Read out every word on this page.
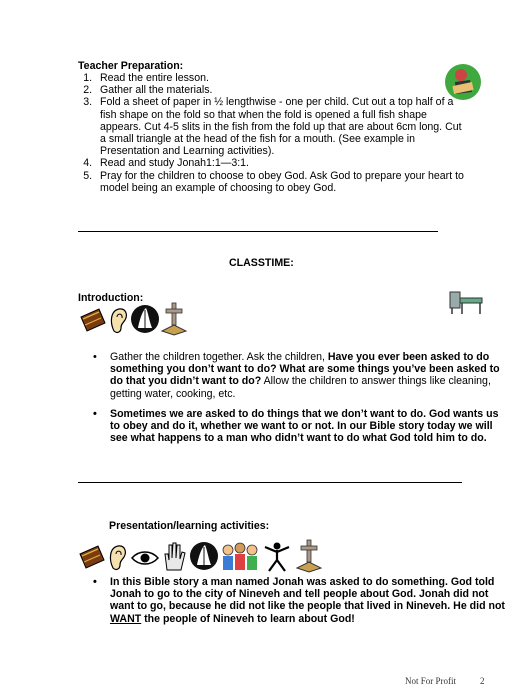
Teacher Preparation:
1. Read the entire lesson.
2. Gather all the materials.
3. Fold a sheet of paper in ½ lengthwise - one per child. Cut out a top half of a fish shape on the fold so that when the fold is opened a full fish shape appears. Cut 4-5 slits in the fish from the fold up that are about 6cm long. Cut a small triangle at the head of the fish for a mouth. (See example in Presentation and Learning activities).
4. Read and study Jonah1:1—3:1.
5. Pray for the children to choose to obey God. Ask God to prepare your heart to model being an example of choosing to obey God.
CLASSTIME:
Introduction:
• Gather the children together. Ask the children, Have you ever been asked to do something you don’t want to do? What are some things you’ve been asked to do that you didn’t want to do? Allow the children to answer things like cleaning, getting water, cooking, etc.
• Sometimes we are asked to do things that we don’t want to do. God wants us to obey and do it, whether we want to or not. In our Bible story today we will see what happens to a man who didn’t want to do what God told him to do.
Presentation/learning activities:
• In this Bible story a man named Jonah was asked to do something. God told Jonah to go to the city of Nineveh and tell people about God. Jonah did not want to go, because he did not like the people that lived in Nineveh. He did not WANT the people of Nineveh to learn about God!
Not For Profit	2
